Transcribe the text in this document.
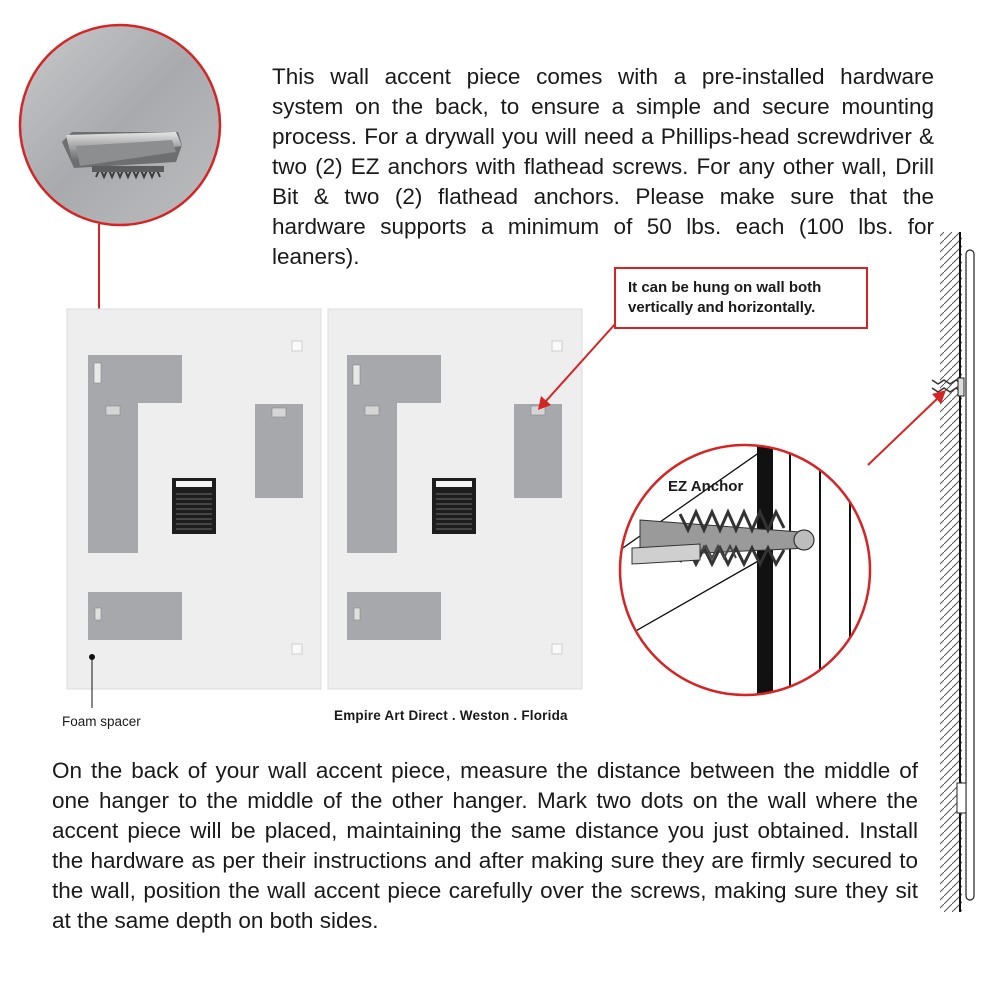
This wall accent piece comes with a pre-installed hardware system on the back, to ensure a simple and secure mounting process. For a drywall you will need a Phillips-head screwdriver & two (2) EZ anchors with flathead screws. For any other wall, Drill Bit & two (2) flathead anchors. Please make sure that the hardware supports a minimum of 50 lbs. each (100 lbs. for leaners).
It can be hung on wall both vertically and horizontally.
EZ Anchor
Foam spacer	Empire Art Direct . Weston . Florida
On the back of your wall accent piece, measure the distance between the middle of one hanger to the middle of the other hanger. Mark two dots on the wall where the accent piece will be placed, maintaining the same distance you just obtained. Install the hardware as per their instructions and after making sure they are firmly secured to the wall, position the wall accent piece carefully over the screws, making sure they sit at the same depth on both sides.
